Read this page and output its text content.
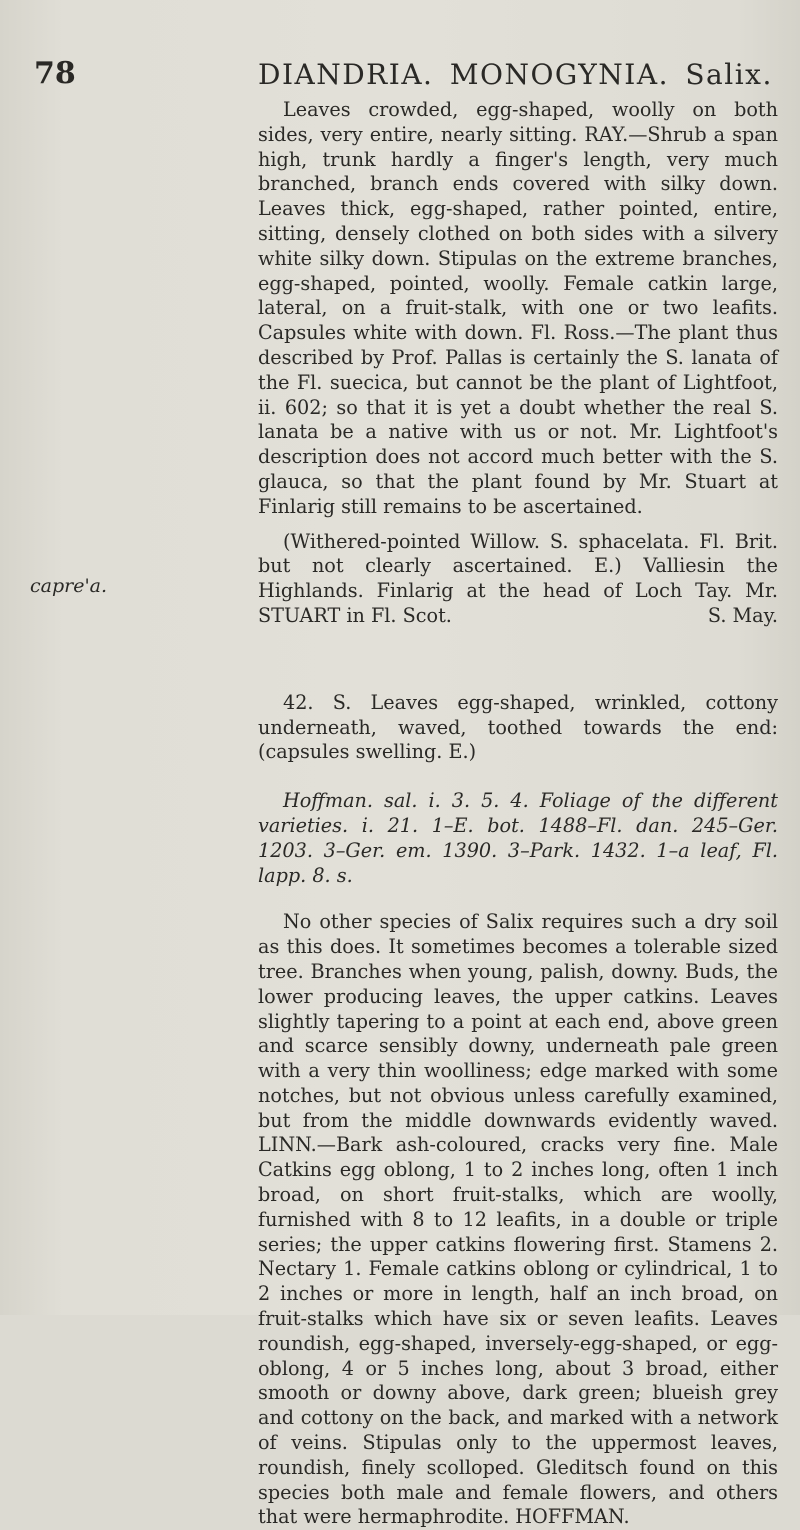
78	DIANDRIA. MONOGYNIA. Salix.
capre'a.

Leaves crowded, egg-shaped, woolly on both sides, very entire, nearly sitting. RAY.—Shrub a span high, trunk hardly a finger's length, very much branched, branch ends covered with silky down. Leaves thick, egg-shaped, rather pointed, entire, sitting, densely clothed on both sides with a silvery white silky down. Stipulas on the extreme branches, egg-shaped, pointed, woolly. Female catkin large, lateral, on a fruit-stalk, with one or two leafits. Capsules white with down. Fl. Ross.—The plant thus described by Prof. Pallas is certainly the S. lanata of the Fl. suecica, but cannot be the plant of Lightfoot, ii. 602; so that it is yet a doubt whether the real S. lanata be a native with us or not. Mr. Lightfoot's description does not accord much better with the S. glauca, so that the plant found by Mr. Stuart at Finlarig still remains to be ascertained.

(Withered-pointed Willow. S. sphacelata. Fl. Brit. but not clearly ascertained. E.) Valliesin the Highlands. Finlarig at the head of Loch Tay. Mr. STUART in Fl. Scot.	S. May.

42. S. Leaves egg-shaped, wrinkled, cottony underneath, waved, toothed towards the end: (capsules swelling. E.)

Hoffman. sal. i. 3. 5. 4. Foliage of the different varieties. i. 21. 1–E. bot. 1488–Fl. dan. 245–Ger. 1203. 3–Ger. em. 1390. 3–Park. 1432. 1–a leaf, Fl. lapp. 8. s.

No other species of Salix requires such a dry soil as this does. It sometimes becomes a tolerable sized tree. Branches when young, palish, downy. Buds, the lower producing leaves, the upper catkins. Leaves slightly tapering to a point at each end, above green and scarce sensibly downy, underneath pale green with a very thin woolliness; edge marked with some notches, but not obvious unless carefully examined, but from the middle downwards evidently waved. LINN.—Bark ash-coloured, cracks very fine. Male Catkins egg oblong, 1 to 2 inches long, often 1 inch broad, on short fruit-stalks, which are woolly, furnished with 8 to 12 leafits, in a double or triple series; the upper catkins flowering first. Stamens 2. Nectary 1. Female catkins oblong or cylindrical, 1 to 2 inches or more in length, half an inch broad, on fruit-stalks which have six or seven leafits. Leaves roundish, egg-shaped, inversely-egg-shaped, or egg-oblong, 4 or 5 inches long, about 3 broad, either smooth or downy above, dark green; blueish grey and cottony on the back, and marked with a network of veins. Stipulas only to the uppermost leaves, roundish, finely scolloped. Gleditsch found on this species both male and female flowers, and others that were hermaphrodite. HOFFMAN.
